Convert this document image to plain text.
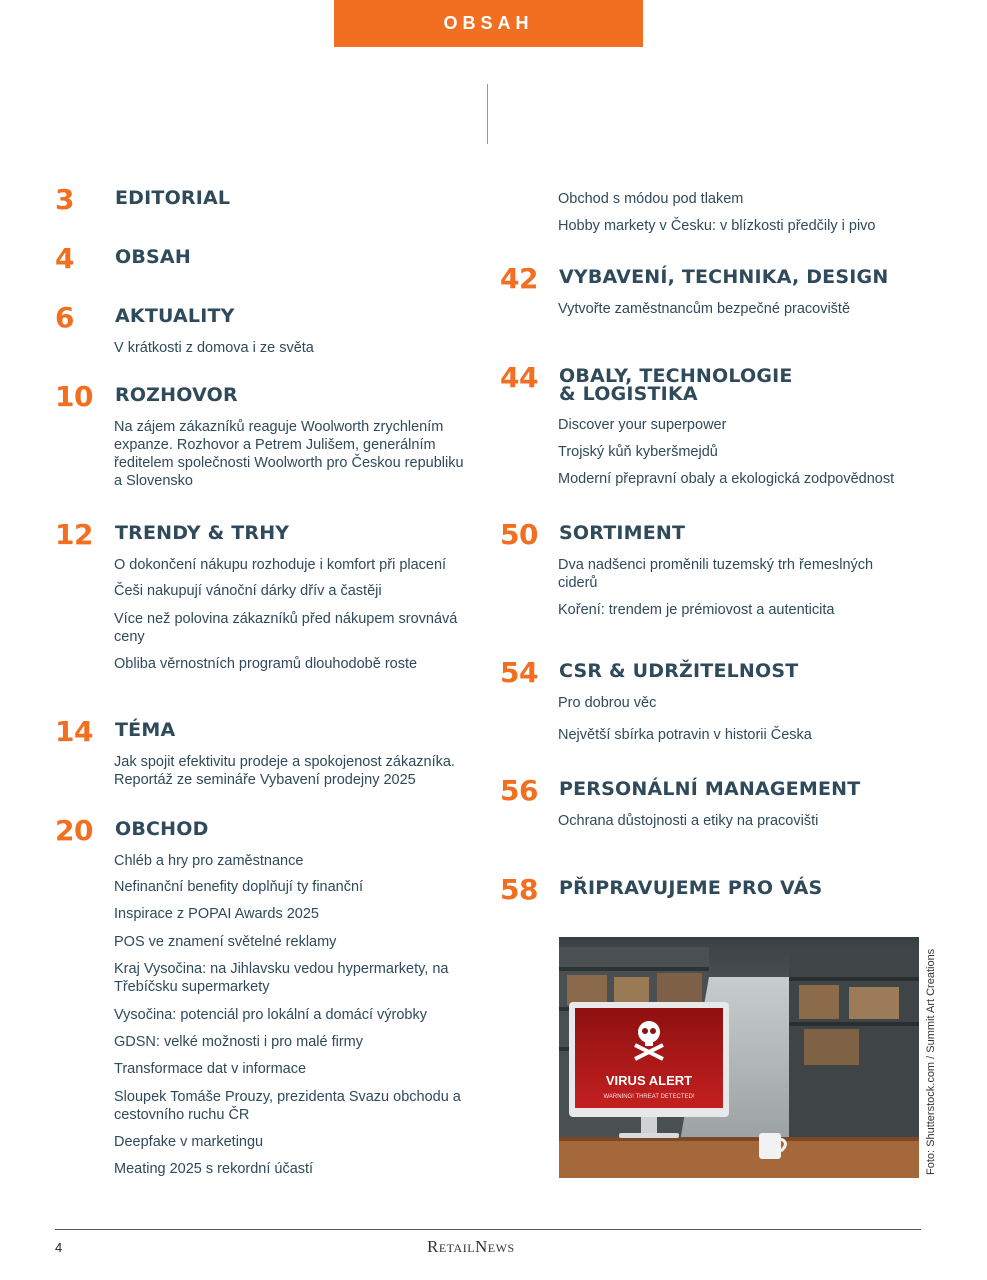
OBSAH
3 EDITORIAL
4 OBSAH
6 AKTUALITY
V krátkosti z domova i ze světa
10 ROZHOVOR
Na zájem zákazníků reaguje Woolworth zrychlením expanze. Rozhovor a Petrem Julišem, generálním ředitelem společnosti Woolworth pro Českou republiku a Slovensko
12 TRENDY & TRHY
O dokončení nákupu rozhoduje i komfort při placení
Češi nakupují vánoční dárky dřív a častěji
Více než polovina zákazníků před nákupem srovnává ceny
Obliba věrnostních programů dlouhodobě roste
14 TÉMA
Jak spojit efektivitu prodeje a spokojenost zákazníka. Reportáž ze semináře Vybavení prodejny 2025
20 OBCHOD
Chléb a hry pro zaměstnance
Nefinanční benefity doplňují ty finanční
Inspirace z POPAI Awards 2025
POS ve znamení světelné reklamy
Kraj Vysočina: na Jihlavsku vedou hypermarkety, na Třebíčsku supermarkety
Vysočina: potenciál pro lokální a domácí výrobky
GDSN: velké možnosti i pro malé firmy
Transformace dat v informace
Sloupek Tomáše Prouzy, prezidenta Svazu obchodu a cestovního ruchu ČR
Deepfake v marketingu
Meating 2025 s rekordní účastí
Obchod s módou pod tlakem
Hobby markety v Česku: v blízkosti předčily i pivo
42 VYBAVENÍ, TECHNIKA, DESIGN
Vytvořte zaměstnancům bezpečné pracoviště
44 OBALY, TECHNOLOGIE
& LOGISTIKA
Discover your superpower
Trojský kůň kyberšmejdů
Moderní přepravní obaly a ekologická zodpovědnost
50 SORTIMENT
Dva nadšenci proměnili tuzemský trh řemeslných ciderů
Koření: trendem je prémiovost a autenticita
54 CSR & UDRŽITELNOST
Pro dobrou věc
Největší sbírka potravin v historii Česka
56 PERSONÁLNÍ MANAGEMENT
Ochrana důstojnosti a etiky na pracovišti
58 PŘIPRAVUJEME PRO VÁS
VIRUS ALERT
WARNING! THREAT DETECTED!	Foto: Shutterstock.com / Summit Art Creations
4	RetailNews
